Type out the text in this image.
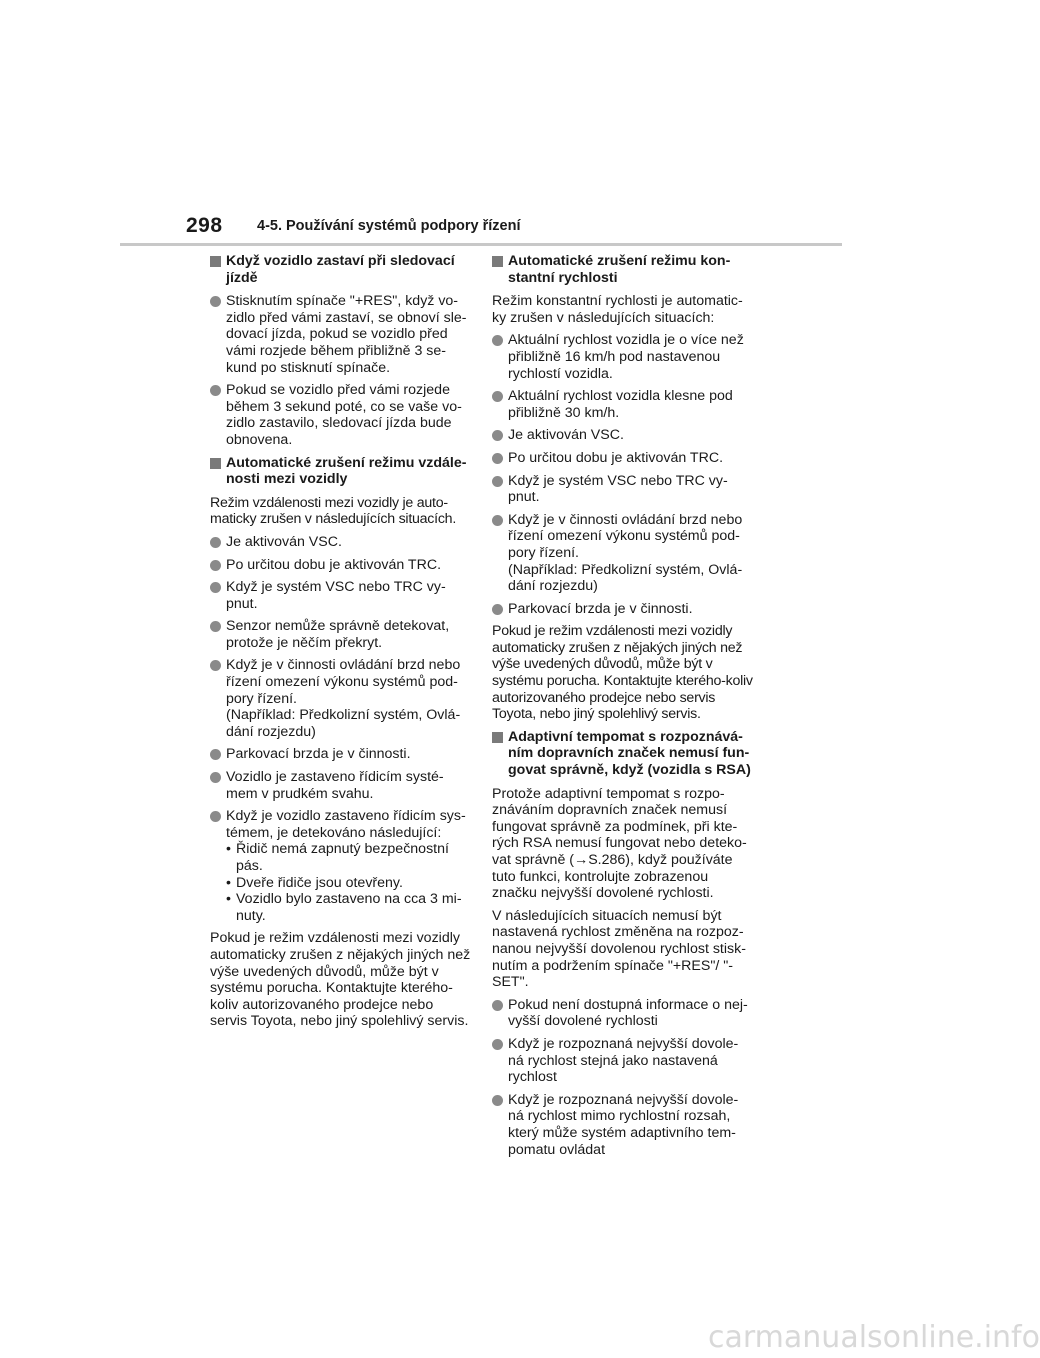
298 4-5. Používání systémů podpory řízení
Když vozidlo zastaví při sledovací jízdě
Stisknutím spínače "+RES", když vo-zidlo před vámi zastaví, se obnoví sle-dovací jízda, pokud se vozidlo před vámi rozjede během přibližně 3 se-kund po stisknutí spínače.
Pokud se vozidlo před vámi rozjede během 3 sekund poté, co se vaše vo-zidlo zastavilo, sledovací jízda bude obnovena.
Automatické zrušení režimu vzdále-nosti mezi vozidly
Režim vzdálenosti mezi vozidly je auto-maticky zrušen v následujících situacích.
Je aktivován VSC.
Po určitou dobu je aktivován TRC.
Když je systém VSC nebo TRC vy-pnut.
Senzor nemůže správně detekovat, protože je něčím překryt.
Když je v činnosti ovládání brzd nebo řízení omezení výkonu systémů pod-pory řízení.
(Například: Předkolizní systém, Ovlá-dání rozjezdu)
Parkovací brzda je v činnosti.
Vozidlo je zastaveno řídicím systé-mem v prudkém svahu.
Když je vozidlo zastaveno řídicím sys-témem, je detekováno následující:
• Řidič nemá zapnutý bezpečnostní pás.
• Dveře řidiče jsou otevřeny.
• Vozidlo bylo zastaveno na cca 3 mi-nuty.
Pokud je režim vzdálenosti mezi vozidly automaticky zrušen z nějakých jiných než výše uvedených důvodů, může být v systému porucha. Kontaktujte kterého-koliv autorizovaného prodejce nebo servis Toyota, nebo jiný spolehlivý servis.
Automatické zrušení režimu kon-stantní rychlosti
Režim konstantní rychlosti je automatic-ky zrušen v následujících situacích:
Aktuální rychlost vozidla je o více než přibližně 16 km/h pod nastavenou rychlostí vozidla.
Aktuální rychlost vozidla klesne pod přibližně 30 km/h.
Je aktivován VSC.
Po určitou dobu je aktivován TRC.
Když je systém VSC nebo TRC vy-pnut.
Když je v činnosti ovládání brzd nebo řízení omezení výkonu systémů pod-pory řízení.
(Například: Předkolizní systém, Ovlá-dání rozjezdu)
Parkovací brzda je v činnosti.
Pokud je režim vzdálenosti mezi vozidly automaticky zrušen z nějakých jiných než výše uvedených důvodů, může být v systému porucha. Kontaktujte kterého-koliv autorizovaného prodejce nebo servis Toyota, nebo jiný spolehlivý servis.
Adaptivní tempomat s rozpoznává-ním dopravních značek nemusí fun-govat správně, když (vozidla s RSA)
Protože adaptivní tempomat s rozpo-znáváním dopravních značek nemusí fungovat správně za podmínek, při kte-rých RSA nemusí fungovat nebo deteko-vat správně (→S.286), když používáte tuto funkci, kontrolujte zobrazenou značku nejvyšší dovolené rychlosti.
V následujících situacích nemusí být nastavená rychlost změněna na rozpoz-nanou nejvyšší dovolenou rychlost stisk-nutím a podržením spínače "+RES"/ "-SET".
Pokud není dostupná informace o nej-vyšší dovolené rychlosti
Když je rozpoznaná nejvyšší dovole-ná rychlost stejná jako nastavená rychlost
Když je rozpoznaná nejvyšší dovole-ná rychlost mimo rychlostní rozsah, který může systém adaptivního tem-pomatu ovládat
carmanualsonline.info
